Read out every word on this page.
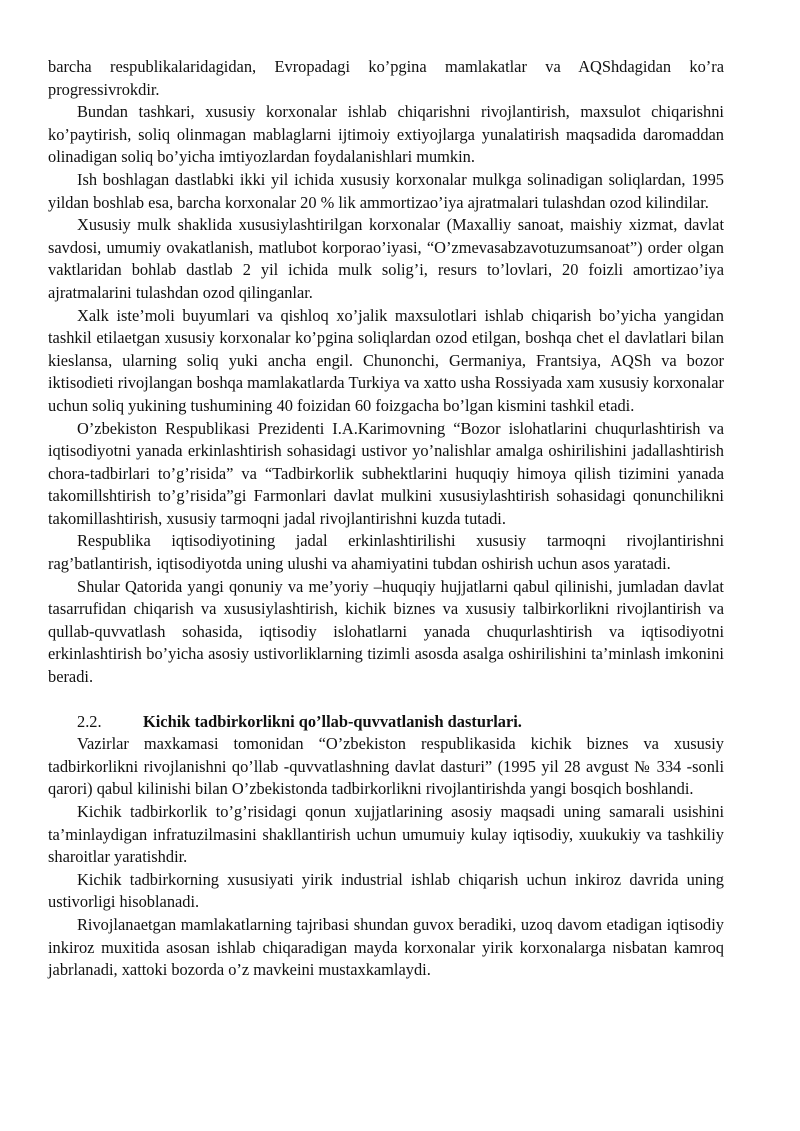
barcha respublikalaridagidan, Evropadagi ko’pgina mamlakatlar va AQShdagidan ko’ra progressivrokdir.

Bundan tashkari, xususiy korxonalar ishlab chiqarishni rivojlantirish, maxsulot chiqarishni ko’paytirish, soliq olinmagan mablaglarni ijtimoiy extiyojlarga yunalatirish maqsadida daromaddan olinadigan soliq bo’yicha imtiyozlardan foydalanishlari mumkin.

Ish boshlagan dastlabki ikki yil ichida xususiy korxonalar mulkga solinadigan soliqlardan, 1995 yildan boshlab esa, barcha korxonalar 20 % lik ammortizao’iya ajratmalari tulashdan ozod kilindilar.

Xususiy mulk shaklida xususiylashtirilgan korxonalar (Maxalliy sanoat, maishiy xizmat, davlat savdosi, umumiy ovakatlanish, matlubot korporao’iyasi, “O’zmevasabzavotuzumsanoat”) order olgan vaktlaridan bohlab dastlab 2 yil ichida mulk solig’i, resurs to’lovlari, 20 foizli amortizao’iya ajratmalarini tulashdan ozod qilinganlar.

Xalk iste’moli buyumlari va qishloq xo’jalik maxsulotlari ishlab chiqarish bo’yicha yangidan tashkil etilaetgan xususiy korxonalar ko’pgina soliqlardan ozod etilgan, boshqa chet el davlatlari bilan kieslansa, ularning soliq yuki ancha engil. Chunonchi, Germaniya, Frantsiya, AQSh va bozor iktisodieti rivojlangan boshqa mamlakatlarda Turkiya va xatto usha Rossiyada xam xususiy korxonalar uchun soliq yukining tushumining 40 foizidan 60 foizgacha bo’lgan kismini tashkil etadi.

O’zbekiston Respublikasi Prezidenti I.A.Karimovning “Bozor islohatlarini chuqurlashtirish va iqtisodiyotni yanada erkinlashtirish sohasidagi ustivor yo’nalishlar amalga oshirilishini jadallashtirish chora-tadbirlari to’g’risida” va “Tadbirkorlik subhektlarini huquqiy himoya qilish tizimini yanada takomillshtirish to’g’risida”gi Farmonlari davlat mulkini xususiylashtirish sohasidagi qonunchilikni takomillashtirish, xususiy tarmoqni jadal rivojlantirishni kuzda tutadi.

Respublika iqtisodiyotining jadal erkinlashtirilishi xususiy tarmoqni rivojlantirishni rag’batlantirish, iqtisodiyotda uning ulushi va ahamiyatini tubdan oshirish uchun asos yaratadi.

Shular Qatorida yangi qonuniy va me’yoriy –huquqiy hujjatlarni qabul qilinishi, jumladan davlat tasarrufidan chiqarish va xususiylashtirish, kichik biznes va xususiy talbirkorlikni rivojlantirish va qullab-quvvatlash sohasida, iqtisodiy islohatlarni yanada chuqurlashtirish va iqtisodiyotni erkinlashtirish bo’yicha asosiy ustivorliklarning tizimli asosda asalga oshirilishini ta’minlash imkonini beradi.

2.2.	Kichik tadbirkorlikni qo’llab-quvvatlanish dasturlari.

Vazirlar maxkamasi tomonidan “O’zbekiston respublikasida kichik biznes va xususiy tadbirkorlikni rivojlanishni qo’llab -quvvatlashning davlat dasturi” (1995 yil 28 avgust № 334 -sonli qarori) qabul kilinishi bilan O’zbekistonda tadbirkorlikni rivojlantirishda yangi bosqich boshlandi.

Kichik tadbirkorlik to’g’risidagi qonun xujjatlarining asosiy maqsadi uning samarali usishini ta’minlaydigan infratuzilmasini shakllantirish uchun umumuiy kulay iqtisodiy, xuukukiy va tashkiliy sharoitlar yaratishdir.

Kichik tadbirkorning xususiyati yirik industrial ishlab chiqarish uchun inkiroz davrida uning ustivorligi hisoblanadi.

Rivojlanaetgan mamlakatlarning tajribasi shundan guvox beradiki, uzoq davom etadigan iqtisodiy inkiroz muxitida asosan ishlab chiqaradigan mayda korxonalar yirik korxonalarga nisbatan kamroq jabrlanadi, xattoki bozorda o’z mavkeini mustaxkamlaydi.
